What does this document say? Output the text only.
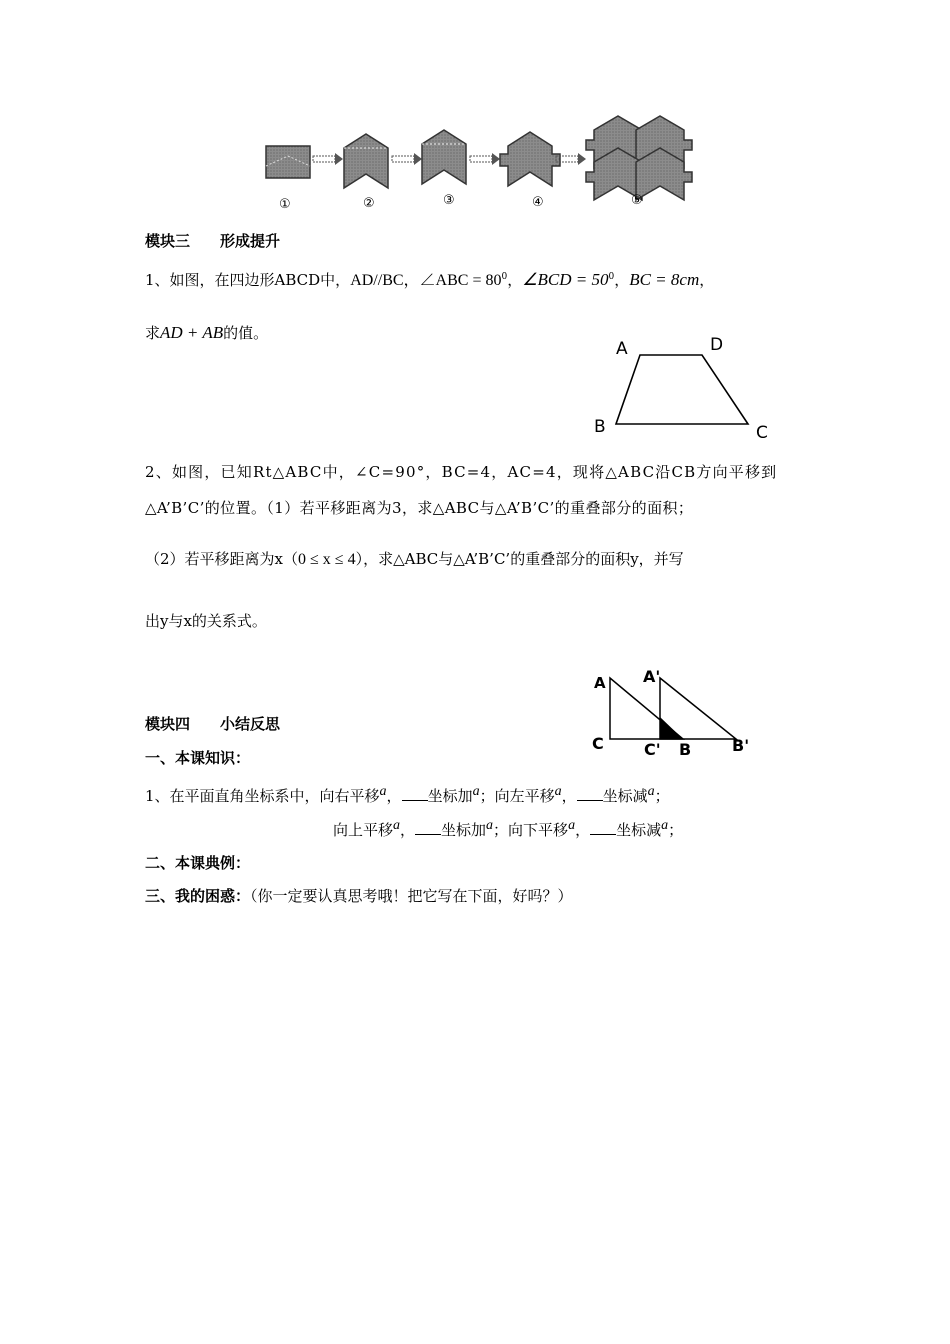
①	②	③	④	⑤
模块三　　形成提升
1、如图，在四边形ABCD中，AD//BC，∠ABC = $80^0$，∠BCD = $50^0$，BC = 8cm，
求AD + AB的值。
A	D
B	C
2、如图，已知Rt△ABC中，∠C=90°，BC=4，AC=4，现将△ABC沿CB方向平移到
△A’B’C’的位置。（1）若平移距离为3，求△ABC与△A’B’C’的重叠部分的面积；
（2）若平移距离为x（0 ≤ x ≤ 4），求△ABC与△A’B’C’的重叠部分的面积y，并写
出y与x的关系式。
A A'
C	C' B	B'
模块四　　小结反思
一、本课知识：
1、在平面直角坐标系中，向右平移$^a$， 坐标加$^a$；向左平移$^a$， 坐标减$^a$；
向上平移$^a$， 坐标加$^a$；向下平移$^a$， 坐标减$^a$；
二、本课典例：
三、我的困惑：（你一定要认真思考哦！把它写在下面，好吗？）
